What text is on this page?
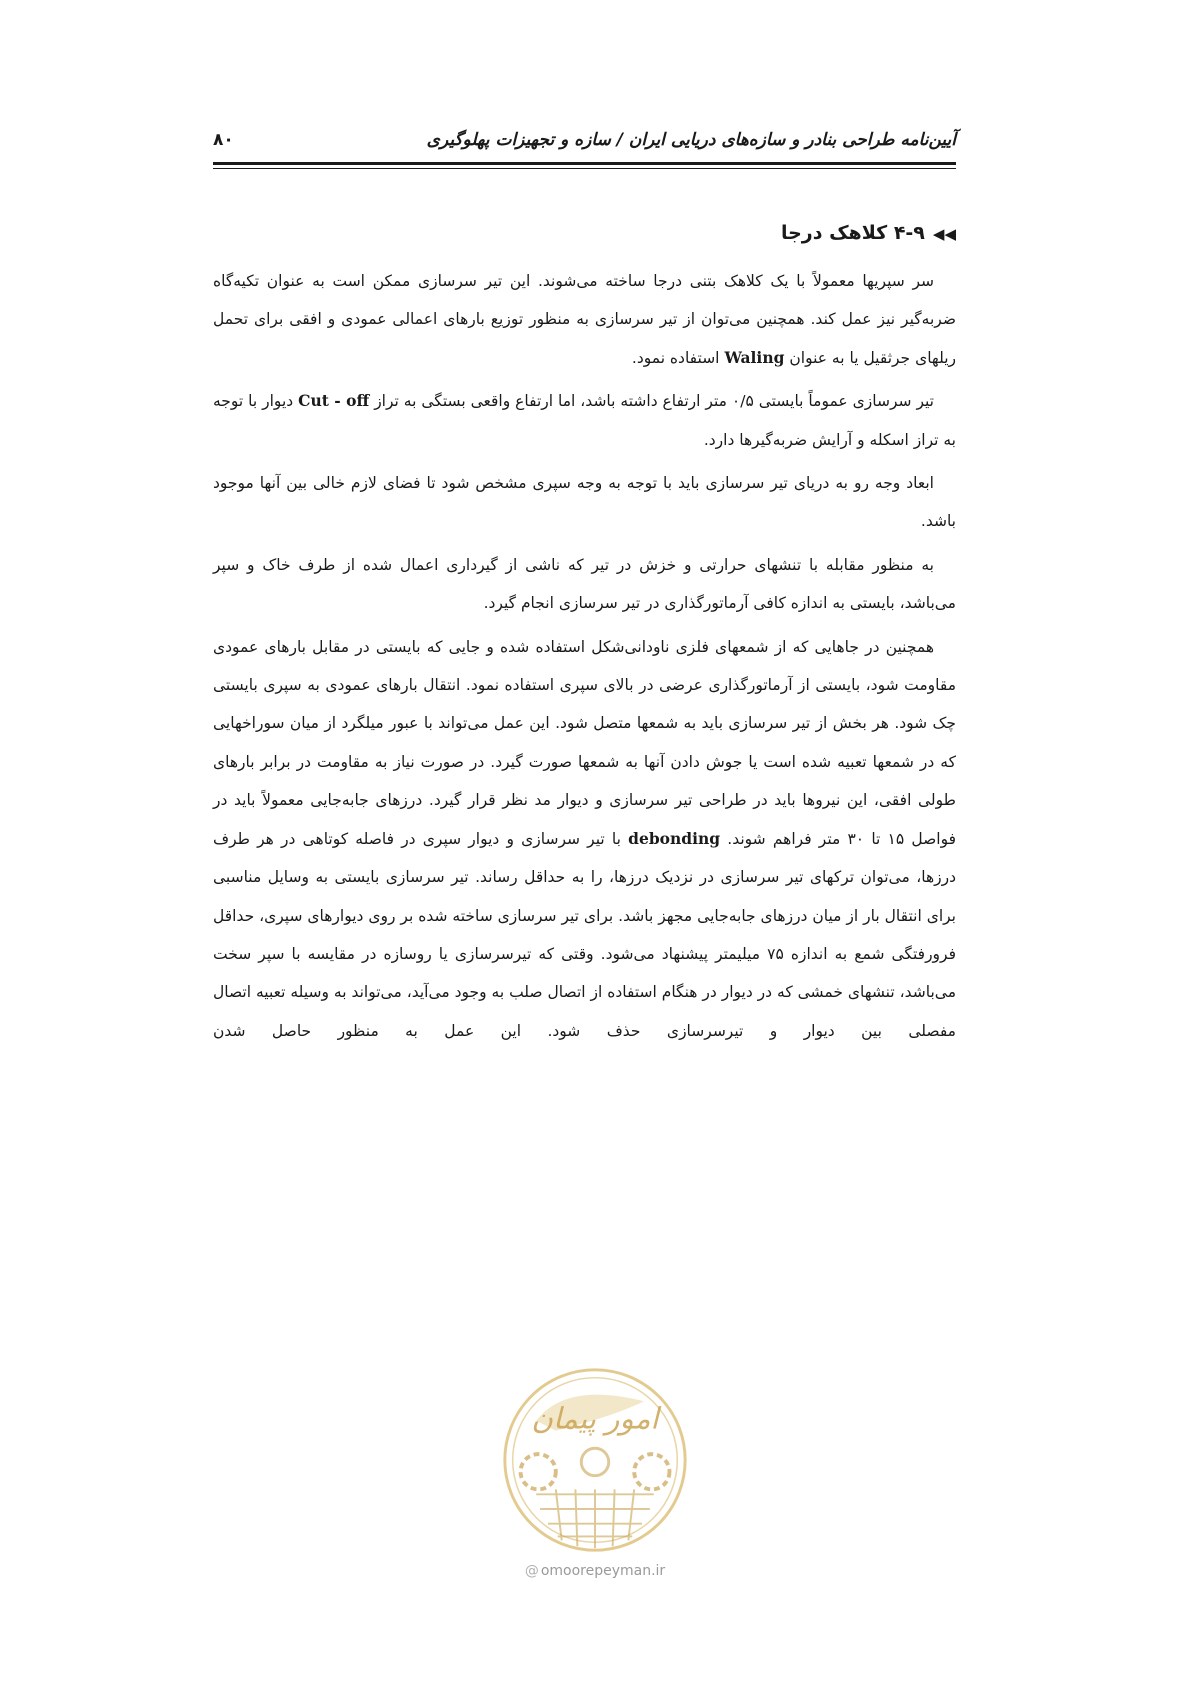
آیین‌نامه طراحی بنادر و سازه‌های دریایی ایران / سازه و تجهیزات پهلوگیری
۸۰
◀◀۴-۹ کلاهک درجا

سر سپریها معمولاً با یک کلاهک بتنی درجا ساخته می‌شوند. این تیر سرسازی ممکن است به عنوان تکیه‌گاه ضربه‌گیر نیز عمل کند. همچنین می‌توان از تیر سرسازی به منظور توزیع بارهای اعمالی عمودی و افقی برای تحمل ریلهای جرثقیل یا به عنوان Waling استفاده نمود.

تیر سرسازی عموماً بایستی ۰/۵ متر ارتفاع داشته باشد، اما ارتفاع واقعی بستگی به تراز Cut - off دیوار با توجه به تراز اسکله و آرایش ضربه‌گیرها دارد.

ابعاد وجه رو به دریای تیر سرسازی باید با توجه به وجه سپری مشخص شود تا فضای لازم خالی بین آنها موجود باشد.

به منظور مقابله با تنشهای حرارتی و خزش در تیر که ناشی از گیرداری اعمال شده از طرف خاک و سپر می‌باشد، بایستی به اندازه کافی آرماتورگذاری در تیر سرسازی انجام گیرد.

همچنین در جاهایی که از شمعهای فلزی ناودانی‌شکل استفاده شده و جایی که بایستی در مقابل بارهای عمودی مقاومت شود، بایستی از آرماتورگذاری عرضی در بالای سپری استفاده نمود. انتقال بارهای عمودی به سپری بایستی چک شود. هر بخش از تیر سرسازی باید به شمعها متصل شود. این عمل می‌تواند با عبور میلگرد از میان سوراخهایی که در شمعها تعبیه شده است یا جوش دادن آنها به شمعها صورت گیرد. در صورت نیاز به مقاومت در برابر بارهای طولی افقی، این نیروها باید در طراحی تیر سرسازی و دیوار مد نظر قرار گیرد. درزهای جابه‌جایی معمولاً باید در فواصل ۱۵ تا ۳۰ متر فراهم شوند. debonding با تیر سرسازی و دیوار سپری در فاصله کوتاهی در هر طرف درزها، می‌توان ترکهای تیر سرسازی در نزدیک درزها، را به حداقل رساند. تیر سرسازی بایستی به وسایل مناسبی برای انتقال بار از میان درزهای جابه‌جایی مجهز باشد. برای تیر سرسازی ساخته شده بر روی دیوارهای سپری، حداقل فرورفتگی شمع به اندازه ۷۵ میلیمتر پیشنهاد می‌شود. وقتی که تیرسرسازی یا روسازه در مقایسه با سپر سخت می‌باشد، تنشهای خمشی که در دیوار در هنگام استفاده از اتصال صلب به وجود می‌آید، می‌تواند به وسیله تعبیه اتصال مفصلی بین دیوار و تیرسرسازی حذف شود. این عمل به منظور حاصل شدن

امور پیمان
@ omoorepeyman.ir
